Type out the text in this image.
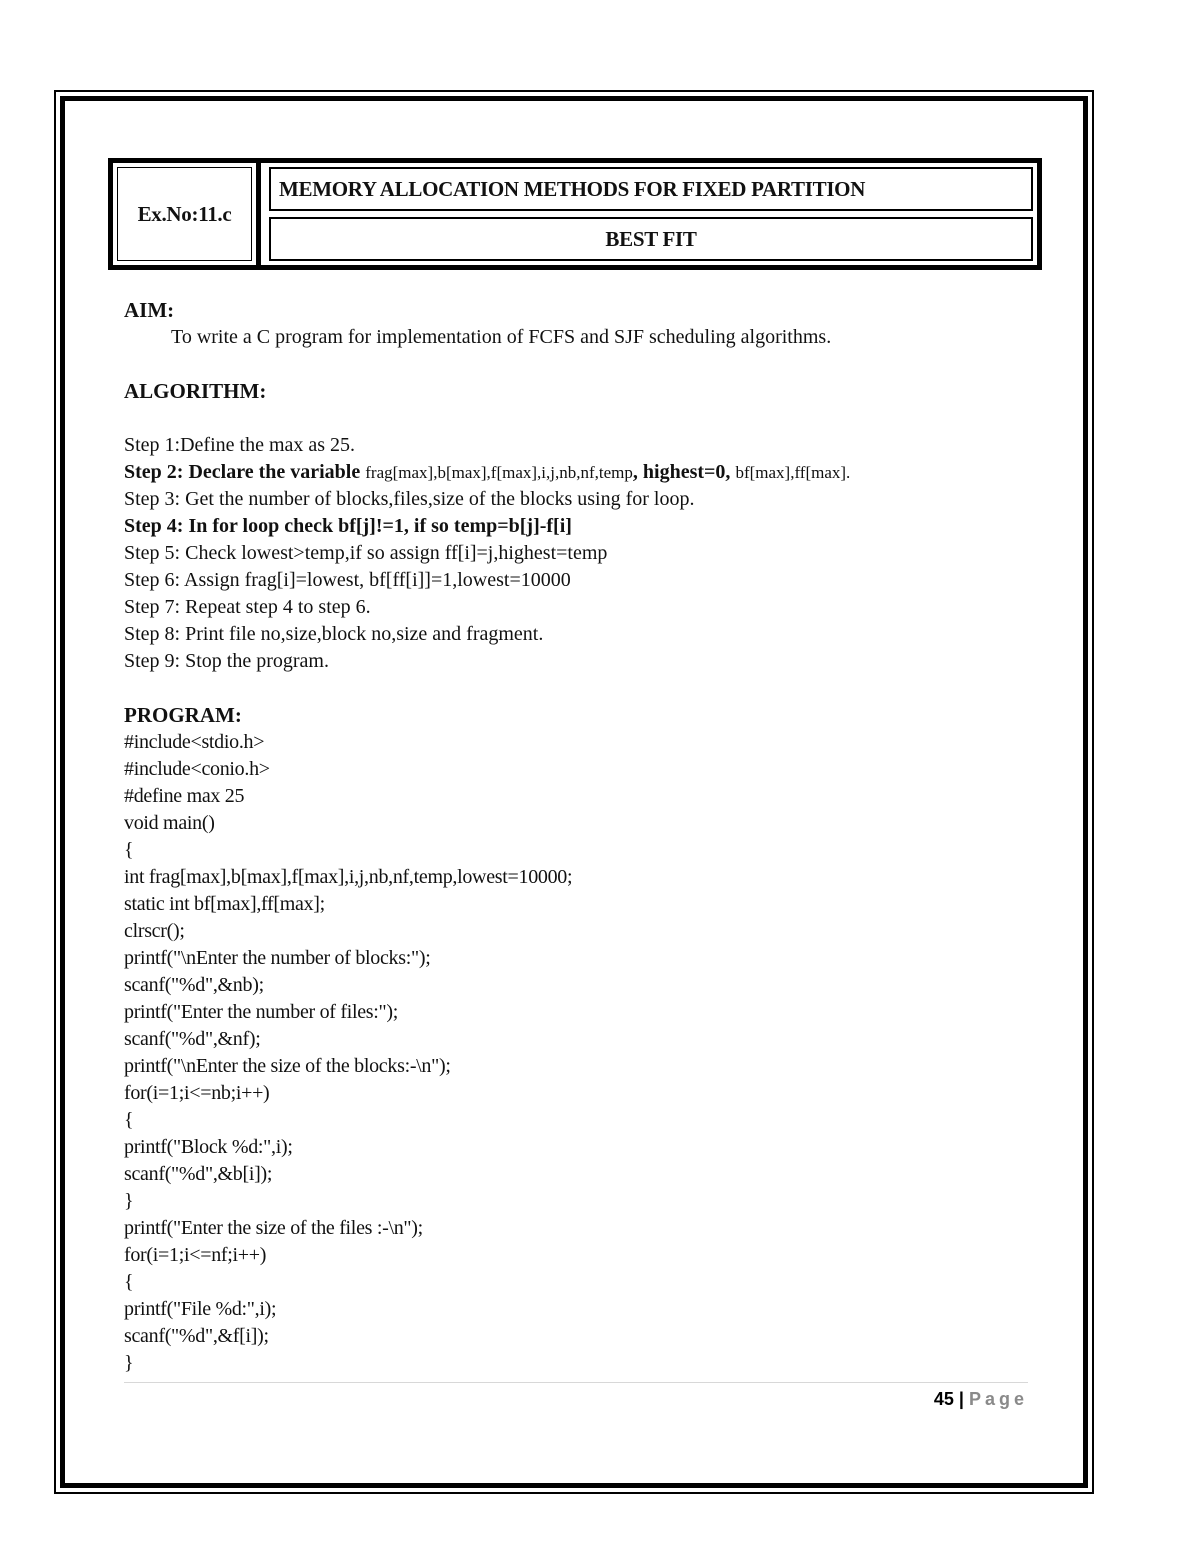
Ex.No:11.c
MEMORY ALLOCATION METHODS FOR FIXED PARTITION
BEST FIT

AIM:

To write a C program for implementation of FCFS and SJF scheduling algorithms.

ALGORITHM:

Step 1:Define the max as 25.
Step 2: Declare the variable frag[max],b[max],f[max],i,j,nb,nf,temp, highest=0, bf[max],ff[max].
Step 3: Get the number of blocks,files,size of the blocks using for loop.
Step 4: In for loop check bf[j]!=1, if so temp=b[j]-f[i]
Step 5: Check lowest>temp,if so assign ff[i]=j,highest=temp
Step 6: Assign frag[i]=lowest, bf[ff[i]]=1,lowest=10000
Step 7: Repeat step 4 to step 6.
Step 8: Print file no,size,block no,size and fragment.
Step 9: Stop the program.

PROGRAM:

#include<stdio.h>
#include<conio.h>
#define max 25
void main()
{
int frag[max],b[max],f[max],i,j,nb,nf,temp,lowest=10000;
static int bf[max],ff[max];
clrscr();
printf("\nEnter the number of blocks:");
scanf("%d",&nb);
printf("Enter the number of files:");
scanf("%d",&nf);
printf("\nEnter the size of the blocks:-\n");
for(i=1;i<=nb;i++)
{
printf("Block %d:",i);
scanf("%d",&b[i]);
}
printf("Enter the size of the files :-\n");
for(i=1;i<=nf;i++)
{
printf("File %d:",i);
scanf("%d",&f[i]);
}
45 | Page
